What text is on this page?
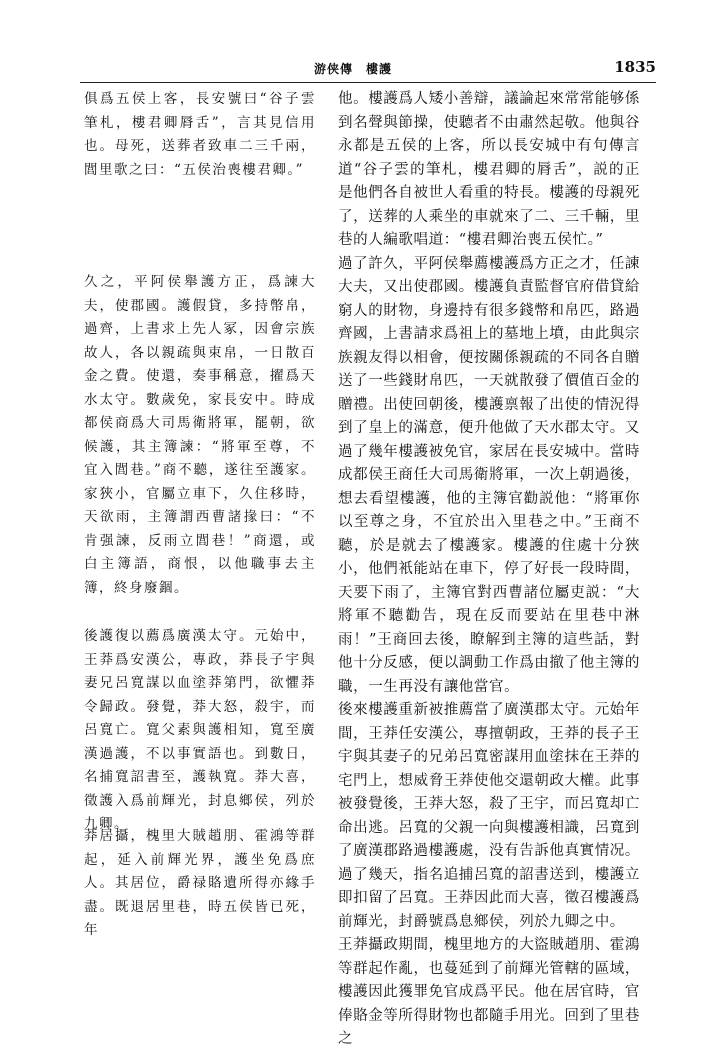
游侠傳　樓護	1835

俱爲五侯上客，長安號曰“谷子雲筆札，樓君卿脣舌”，言其見信用也。母死，送葬者致車二三千兩，閭里歌之曰：“五侯治喪樓君卿。”

久之，平阿侯舉護方正，爲諫大夫，使郡國。護假貸，多持幣帛，過齊，上書求上先人冢，因會宗族故人，各以親疏與束帛，一日散百金之費。使還，奏事稱意，擢爲天水太守。數歲免，家長安中。時成都侯商爲大司馬衛將軍，罷朝，欲候護，其主簿諫：“將軍至尊，不宜入閭巷。”商不聽，遂往至護家。家狹小，官屬立車下，久住移時，天欲雨，主簿謂西曹諸掾曰：“不肯强諫，反雨立閭巷！”商還，或白主簿語，商恨，以他職事去主簿，終身廢錮。

後護復以薦爲廣漢太守。元始中，王莽爲安漢公，專政，莽長子宇與妻兄呂寬謀以血塗莽第門，欲懼莽令歸政。發覺，莽大怒，殺宇，而呂寬亡。寬父素與護相知，寬至廣漢過護，不以事實語也。到數日，名捕寬詔書至，護執寬。莽大喜，徵護入爲前輝光，封息鄉侯，列於九卿。

莽居攝，槐里大賊趙朋、霍鴻等群起，延入前輝光界，護坐免爲庶人。其居位，爵禄賂遺所得亦緣手盡。既退居里巷，時五侯皆已死，年

他。樓護爲人矮小善辯，議論起來常常能够係到名聲與節操，使聽者不由肅然起敬。他與谷永都是五侯的上客，所以長安城中有句傳言道“谷子雲的筆札，樓君卿的脣舌”，説的正是他們各自被世人看重的特長。樓護的母親死了，送葬的人乘坐的車就來了二、三千輛，里巷的人編歌唱道：“樓君卿治喪五侯忙。”

過了許久，平阿侯舉薦樓護爲方正之才，任諫大夫，又出使郡國。樓護負責監督官府借貸給窮人的財物，身邊持有很多錢幣和帛匹，路過齊國，上書請求爲祖上的墓地上墳，由此與宗族親友得以相會，便按關係親疏的不同各自贈送了一些錢財帛匹，一天就散發了價值百金的贈禮。出使回朝後，樓護禀報了出使的情況得到了皇上的滿意，便升他做了天水郡太守。又過了幾年樓護被免官，家居在長安城中。當時成都侯王商任大司馬衛將軍，一次上朝過後，想去看望樓護，他的主簿官勸説他：“將軍你以至尊之身，不宜於出入里巷之中。”王商不聽，於是就去了樓護家。樓護的住處十分狹小，他們衹能站在車下，停了好長一段時間，天要下雨了，主簿官對西曹諸位屬吏説：“大將軍不聽勸告，現在反而要站在里巷中淋雨！”王商回去後，瞭解到主簿的這些話，對他十分反感，便以調動工作爲由撤了他主簿的職，一生再没有讓他當官。

後來樓護重新被推薦當了廣漢郡太守。元始年間，王莽任安漢公，專擅朝政，王莽的長子王宇與其妻子的兄弟呂寬密謀用血塗抹在王莽的宅門上，想威脅王莽使他交還朝政大權。此事被發覺後，王莽大怒，殺了王宇，而呂寬却亡命出逃。呂寬的父親一向與樓護相識，呂寬到了廣漢郡路過樓護處，没有告訴他真實情况。過了幾天，指名追捕呂寬的詔書送到，樓護立即扣留了呂寬。王莽因此而大喜，徵召樓護爲前輝光，封爵號爲息鄉侯，列於九卿之中。

王莽攝政期間，槐里地方的大盜賊趙朋、霍鴻等群起作亂，也蔓延到了前輝光管轄的區域，樓護因此獲罪免官成爲平民。他在居官時，官俸賂金等所得財物也都隨手用光。回到了里巷之
